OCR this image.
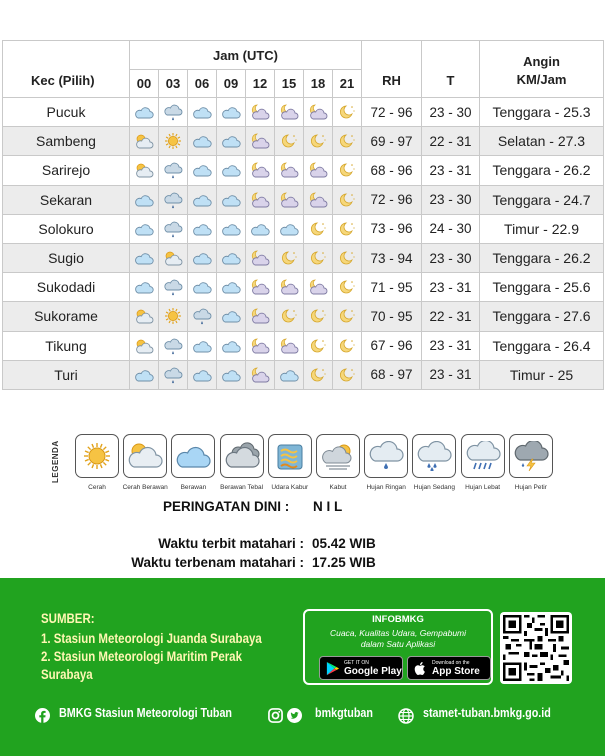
Kec (Pilih)	Jam (UTC)								RH	T	Angin
KM/Jam
	00	03	06	09	12	15	18	21			
Pucuk									72 - 96	23 - 30	Tenggara - 25.3
Sambeng									69 - 97	22 - 31	Selatan - 27.3
Sarirejo									68 - 96	23 - 31	Tenggara - 26.2
Sekaran									72 - 96	23 - 30	Tenggara - 24.7
Solokuro									73 - 96	24 - 30	Timur - 22.9
Sugio									73 - 94	23 - 30	Tenggara - 26.2
Sukodadi									71 - 95	23 - 31	Tenggara - 25.6
Sukorame									70 - 95	22 - 31	Tenggara - 27.6
Tikung									67 - 96	23 - 31	Tenggara - 26.4
Turi									68 - 97	23 - 31	Timur - 25
LEGENDA
Cerah	Cerah Berawan	Berawan	Berawan Tebal	Udara Kabur	Kabut	Hujan Ringan	Hujan Sedang	Hujan Lebat	Hujan Petir
PERINGATAN DINI : N I L
Waktu terbit matahari : 05.42 WIB
Waktu terbenam matahari : 17.25 WIB
SUMBER:
1. Stasiun Meteorologi Juanda Surabaya
2. Stasiun Meteorologi Maritim Perak
Surabaya
INFOBMKG
Cuaca, Kualitas Udara, Gempabumi
dalam Satu Aplikasi
GET IT ON
Google Play
Download on the
App Store
BMKG Stasiun Meteorologi Tuban	bmkgtuban	stamet-tuban.bmkg.go.id
